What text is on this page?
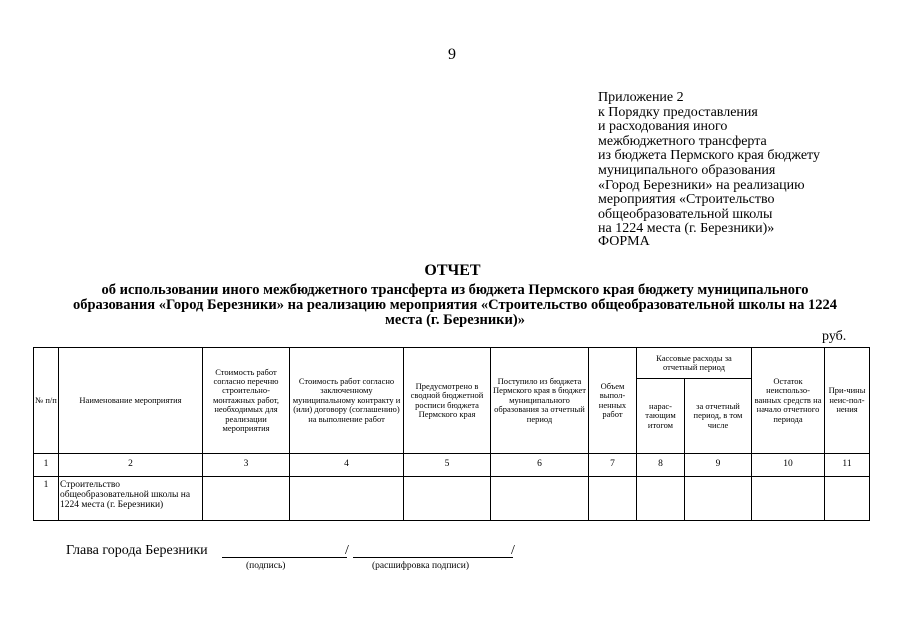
9
Приложение 2
к Порядку предоставления
и расходования иного
межбюджетного трансферта
из бюджета Пермского края бюджету
муниципального образования
«Город Березники» на реализацию
мероприятия «Строительство
общеобразовательной школы
на 1224 места (г. Березники)»
ФОРМА
ОТЧЕТ
об использовании иного межбюджетного трансферта из бюджета Пермского края бюджету муниципального образования «Город Березники» на реализацию мероприятия «Строительство общеобразовательной школы на 1224 места (г. Березники)»
руб.
№ п/п	Наименование мероприятия	Стоимость работ согласно перечню строительно-монтажных работ, необходимых для реализации мероприятия	Стоимость работ согласно заключенному муниципальному контракту и (или) договору (соглашению) на выполнение работ	Предусмотрено в сводной бюджетной росписи бюджета Пермского края	Поступило из бюджета Пермского края в бюджет муниципального образования за отчетный период	Объем выпол-ненных работ	Кассовые расходы за отчетный период		Остаток неиспользо-ванных средств на начало отчетного периода	При-чины неис-пол-нения
							нарас-тающим итогом	за отчетный период, в том числе		
1	2	3	4	5	6	7	8	9	10	11
1	Строительство общеобразовательной школы на 1224 места (г. Березники)									
Глава города Березники	/	/
(подпись)	(расшифровка подписи)
